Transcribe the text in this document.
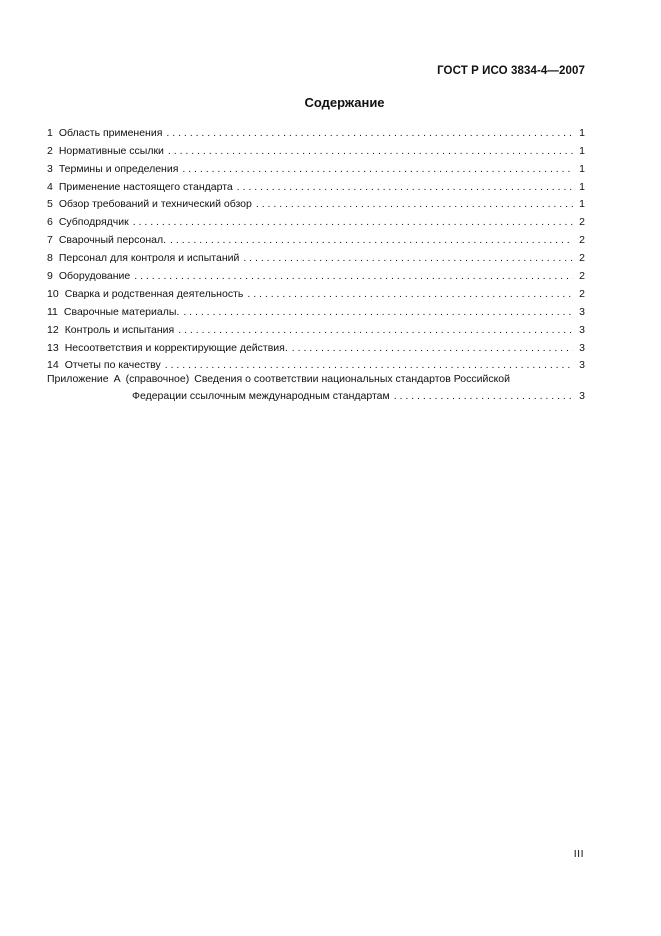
ГОСТ Р ИСО 3834-4—2007
Содержание
1 Область применения . . .	1
2 Нормативные ссылки . . .	1
3 Термины и определения . . .	1
4 Применение настоящего стандарта . . .	1
5 Обзор требований и технический обзор . . .	1
6 Субподрядчик . . .	2
7 Сварочный персонал. . . .	2
8 Персонал для контроля и испытаний . . .	2
9 Оборудование . . .	2
10 Сварка и родственная деятельность . . .	2
11 Сварочные материалы. . . .	3
12 Контроль и испытания . . .	3
13 Несоответствия и корректирующие действия. . . .	3
14 Отчеты по качеству . . .	3
Приложение А (справочное) Сведения о соответствии национальных стандартов Российской
Федерации ссылочным международным стандартам . . .	3
III
